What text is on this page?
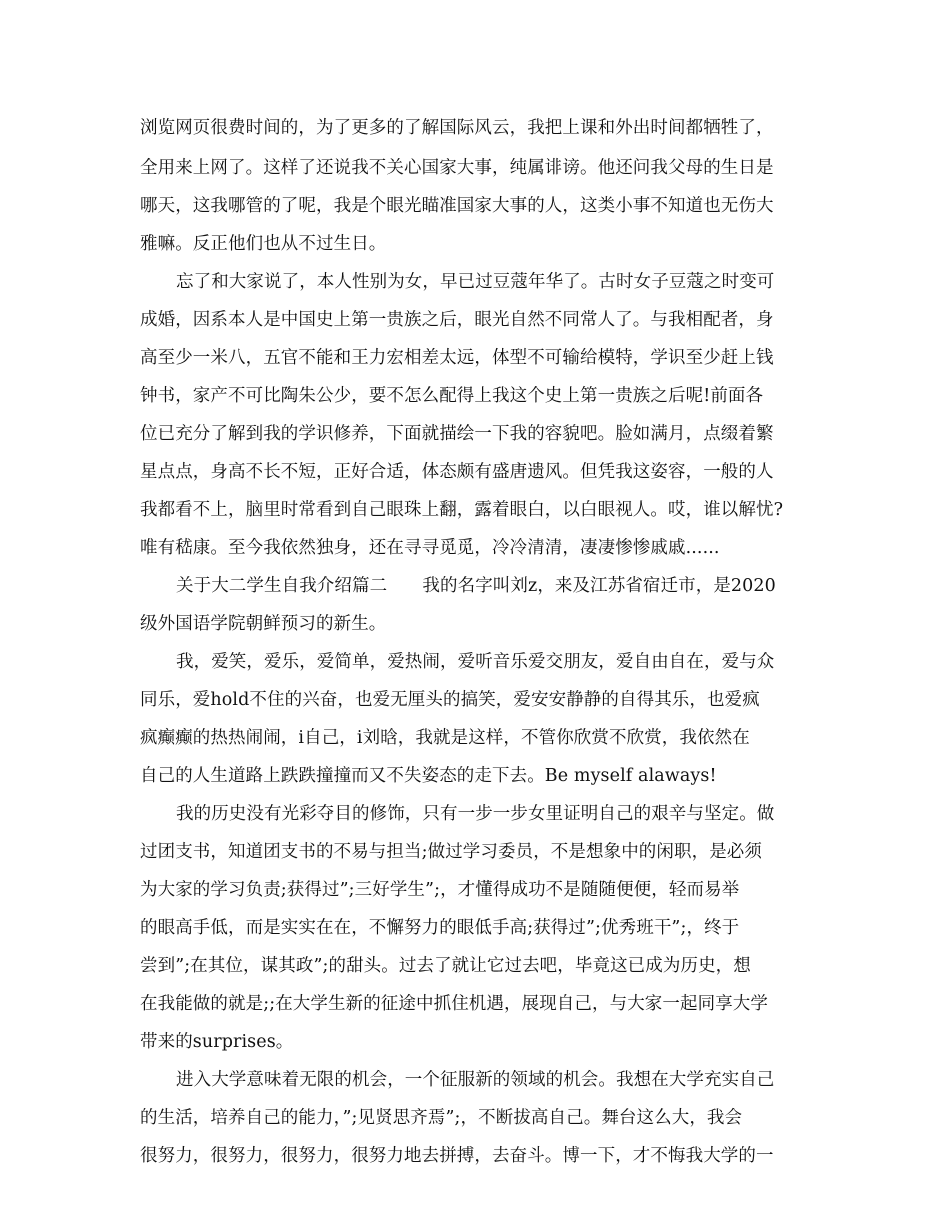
浏览网页很费时间的，为了更多的了解国际风云，我把上课和外出时间都牺牲了，
全用来上网了。这样了还说我不关心国家大事，纯属诽谤。他还问我父母的生日是
哪天，这我哪管的了呢，我是个眼光瞄准国家大事的人，这类小事不知道也无伤大
雅嘛。反正他们也从不过生日。
忘了和大家说了，本人性别为女，早已过豆蔻年华了。古时女子豆蔻之时变可
成婚，因系本人是中国史上第一贵族之后，眼光自然不同常人了。与我相配者，身
高至少一米八，五官不能和王力宏相差太远，体型不可输给模特，学识至少赶上钱
钟书，家产不可比陶朱公少，要不怎么配得上我这个史上第一贵族之后呢!前面各
位已充分了解到我的学识修养，下面就描绘一下我的容貌吧。脸如满月，点缀着繁
星点点，身高不长不短，正好合适，体态颇有盛唐遗风。但凭我这姿容，一般的人
我都看不上，脑里时常看到自己眼珠上翻，露着眼白，以白眼视人。哎，谁以解忧?
唯有嵇康。至今我依然独身，还在寻寻觅觅，冷冷清清，凄凄惨惨戚戚......
关于大二学生自我介绍篇二　　我的名字叫刘z，来及江苏省宿迁市，是2020
级外国语学院朝鲜预习的新生。
我，爱笑，爱乐，爱简单，爱热闹，爱听音乐爱交朋友，爱自由自在，爱与众
同乐，爱hold不住的兴奋，也爱无厘头的搞笑，爱安安静静的自得其乐，也爱疯
疯癫癫的热热闹闹，i自己，i刘晗，我就是这样，不管你欣赏不欣赏，我依然在
自己的人生道路上跌跌撞撞而又不失姿态的走下去。Be myself alaways!
我的历史没有光彩夺目的修饰，只有一步一步女里证明自己的艰辛与坚定。做
过团支书，知道团支书的不易与担当;做过学习委员，不是想象中的闲职，是必须
为大家的学习负责;获得过”;三好学生”;，才懂得成功不是随随便便，轻而易举
的眼高手低，而是实实在在，不懈努力的眼低手高;获得过”;优秀班干”;，终于
尝到”;在其位，谋其政”;的甜头。过去了就让它过去吧，毕竟这已成为历史，想
在我能做的就是;;在大学生新的征途中抓住机遇，展现自己，与大家一起同享大学
带来的surprises。
进入大学意味着无限的机会，一个征服新的领域的机会。我想在大学充实自己
的生活，培养自己的能力，”;见贤思齐焉”;，不断拔高自己。舞台这么大，我会
很努力，很努力，很努力，很努力地去拼搏，去奋斗。博一下，才不悔我大学的一
